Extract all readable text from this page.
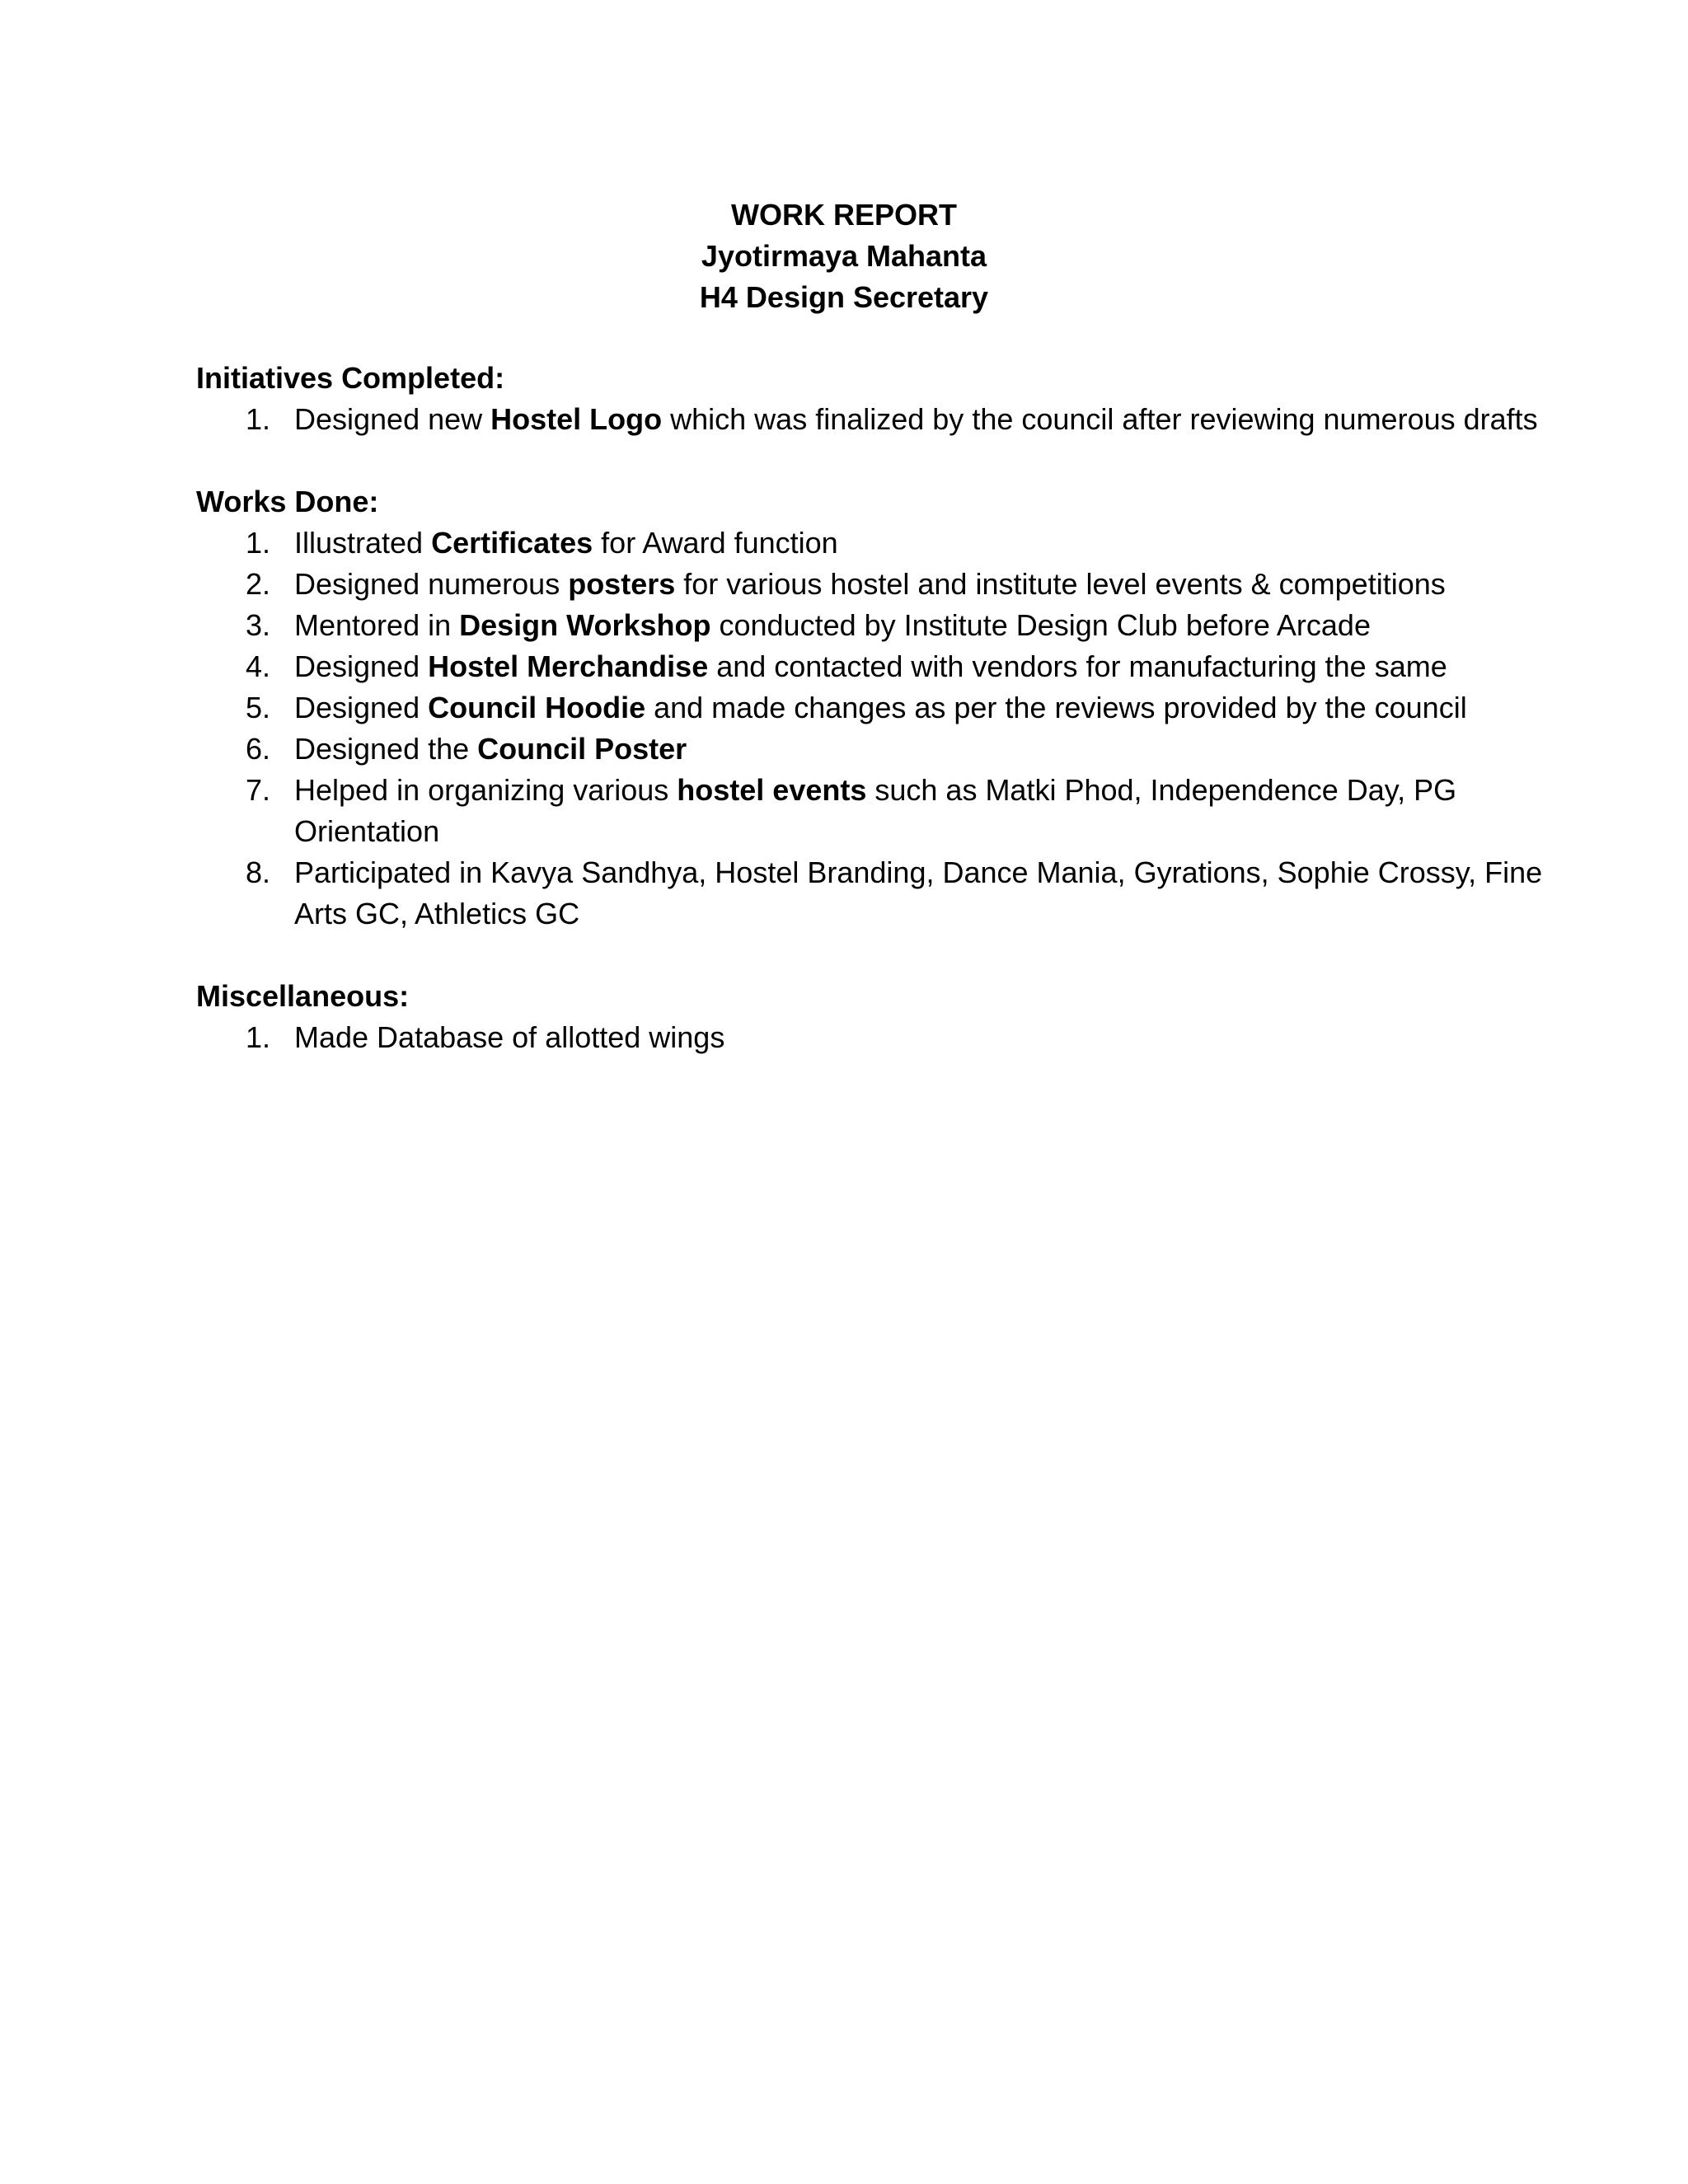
WORK REPORT
Jyotirmaya Mahanta
H4 Design Secretary
Initiatives Completed:
1. Designed new Hostel Logo which was finalized by the council after reviewing numerous drafts
Works Done:
1. Illustrated Certificates for Award function
2. Designed numerous posters for various hostel and institute level events & competitions
3. Mentored in Design Workshop conducted by Institute Design Club before Arcade
4. Designed Hostel Merchandise and contacted with vendors for manufacturing the same
5. Designed Council Hoodie and made changes as per the reviews provided by the council
6. Designed the Council Poster
7. Helped in organizing various hostel events such as Matki Phod, Independence Day, PG Orientation
8. Participated in Kavya Sandhya, Hostel Branding, Dance Mania, Gyrations, Sophie Crossy, Fine Arts GC, Athletics GC
Miscellaneous:
1. Made Database of allotted wings
